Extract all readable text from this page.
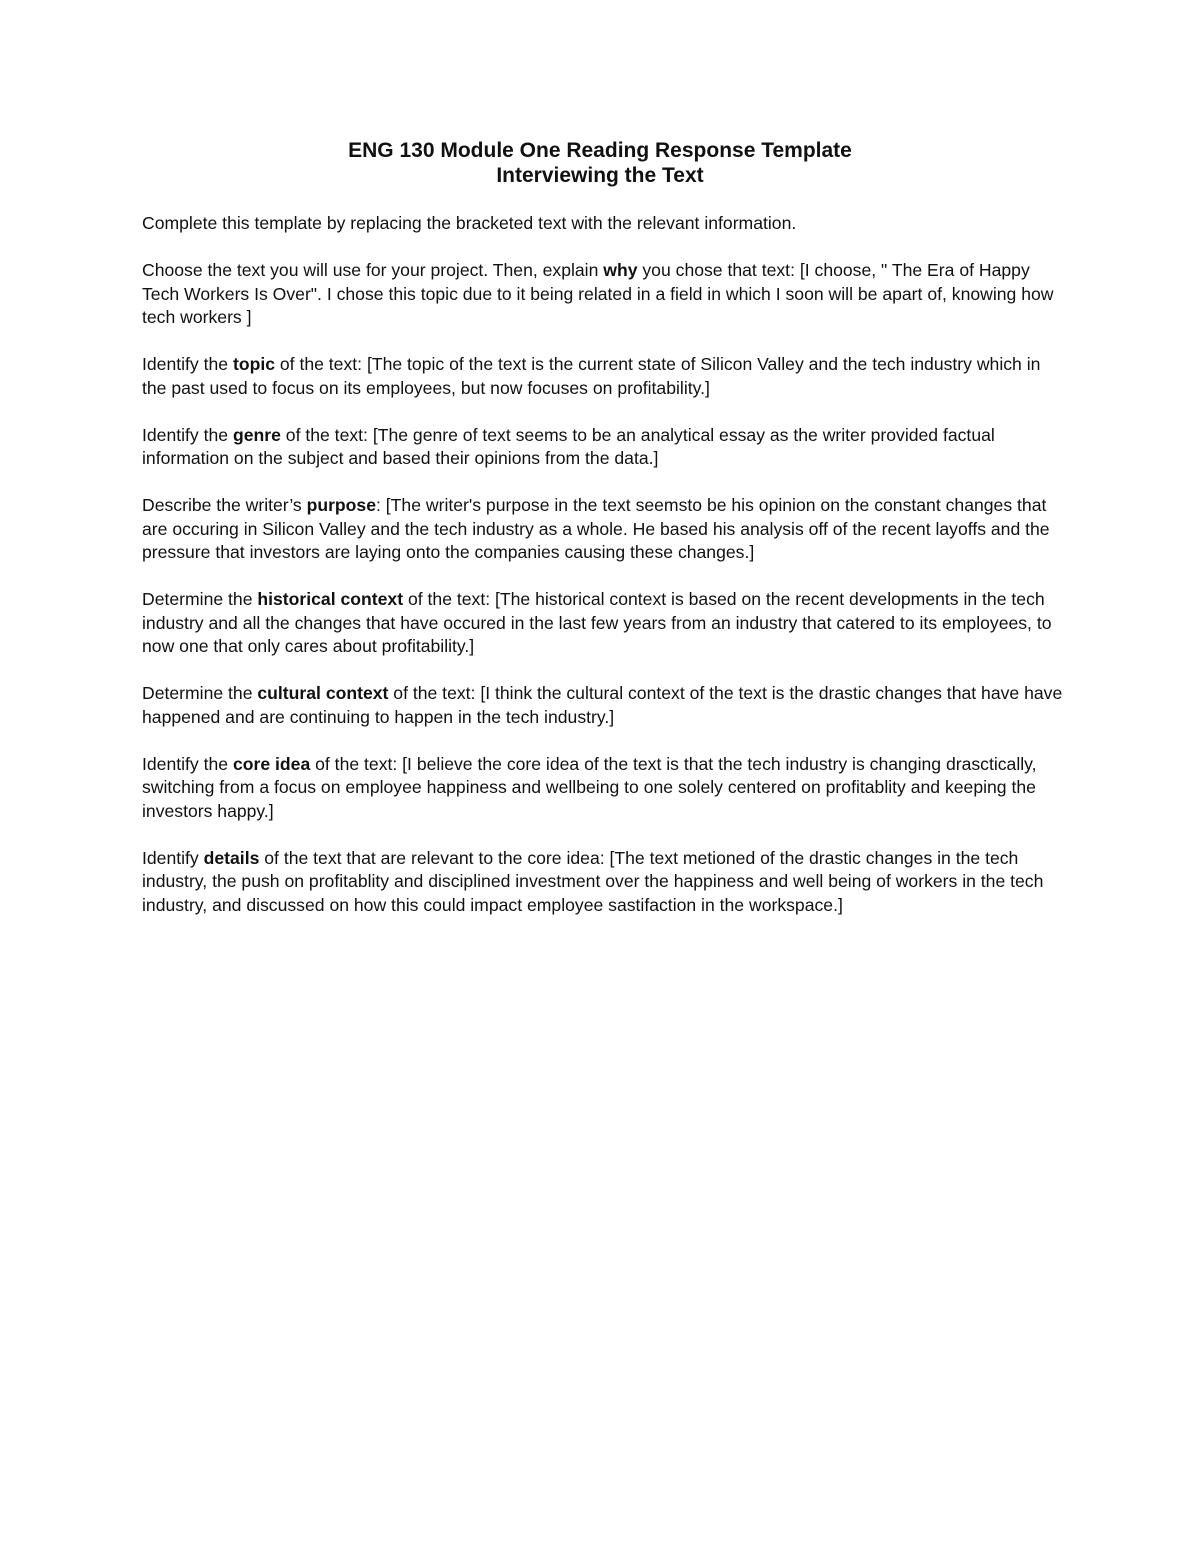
ENG 130 Module One Reading Response Template
Interviewing the Text

Complete this template by replacing the bracketed text with the relevant information.

Choose the text you will use for your project. Then, explain why you chose that text: [I choose, " The Era of Happy Tech Workers Is Over". I chose this topic due to it being related in a field in which I soon will be apart of, knowing how tech workers ]

Identify the topic of the text: [The topic of the text is the current state of Silicon Valley and the tech industry which in the past used to focus on its employees, but now focuses on profitability.]

Identify the genre of the text: [The genre of text seems to be an analytical essay as the writer provided factual information on the subject and based their opinions from the data.]

Describe the writer’s purpose: [The writer's purpose in the text seemsto be his opinion on the constant changes that are occuring in Silicon Valley and the tech industry as a whole. He based his analysis off of the recent layoffs and the pressure that investors are laying onto the companies causing these changes.]

Determine the historical context of the text: [The historical context is based on the recent developments in the tech industry and all the changes that have occured in the last few years from an industry that catered to its employees, to now one that only cares about profitability.]

Determine the cultural context of the text: [I think the cultural context of the text is the drastic changes that have have happened and are continuing to happen in the tech industry.]

Identify the core idea of the text: [I believe the core idea of the text is that the tech industry is changing drasctically, switching from a focus on employee happiness and wellbeing to one solely centered on profitablity and keeping the investors happy.]

Identify details of the text that are relevant to the core idea: [The text metioned of the drastic changes in the tech industry, the push on profitablity and disciplined investment over the happiness and well being of workers in the tech industry, and discussed on how this could impact employee sastifaction in the workspace.]
